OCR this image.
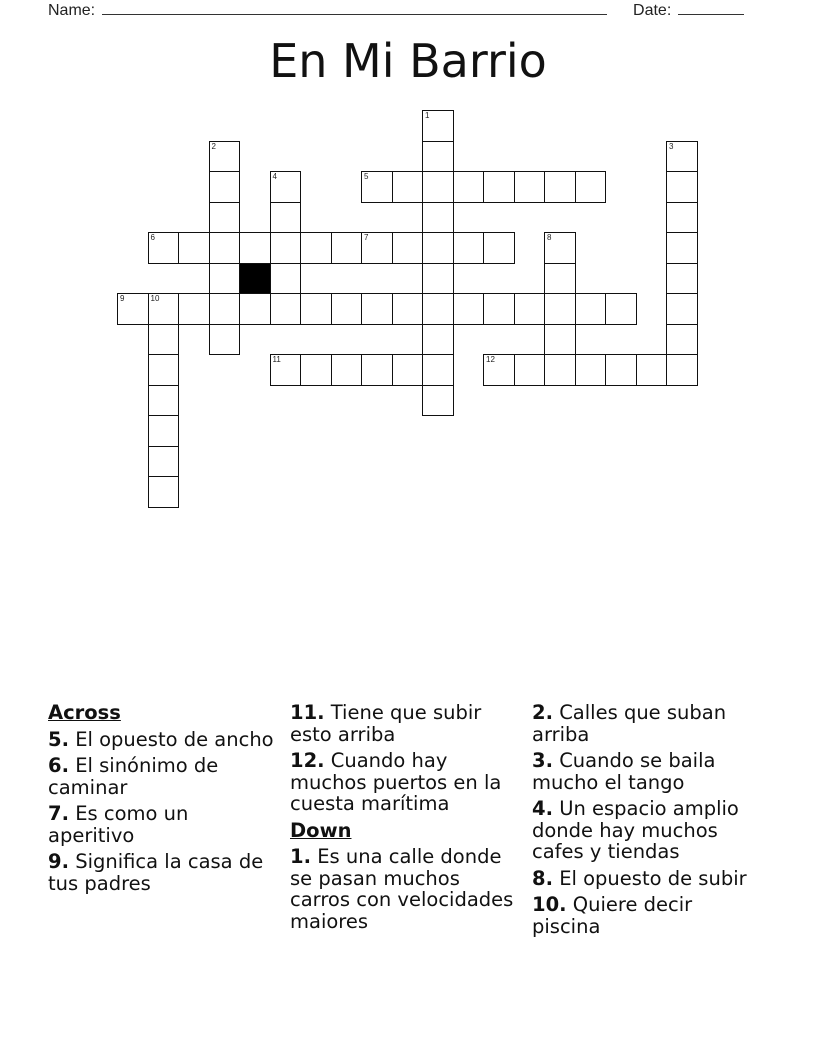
Name:	Date:
En Mi Barrio
1
2	3
4	5
6	7	8
9	10
11	12
Across
5. El opuesto de ancho
6. El sinónimo de caminar
7. Es como un aperitivo
9. Significa la casa de tus padres
11. Tiene que subir esto arriba
12. Cuando hay muchos puertos en la cuesta marítima
Down
1. Es una calle donde se pasan muchos carros con velocidades maiores
2. Calles que suban arriba
3. Cuando se baila mucho el tango
4. Un espacio amplio donde hay muchos cafes y tiendas
8. El opuesto de subir
10. Quiere decir piscina
